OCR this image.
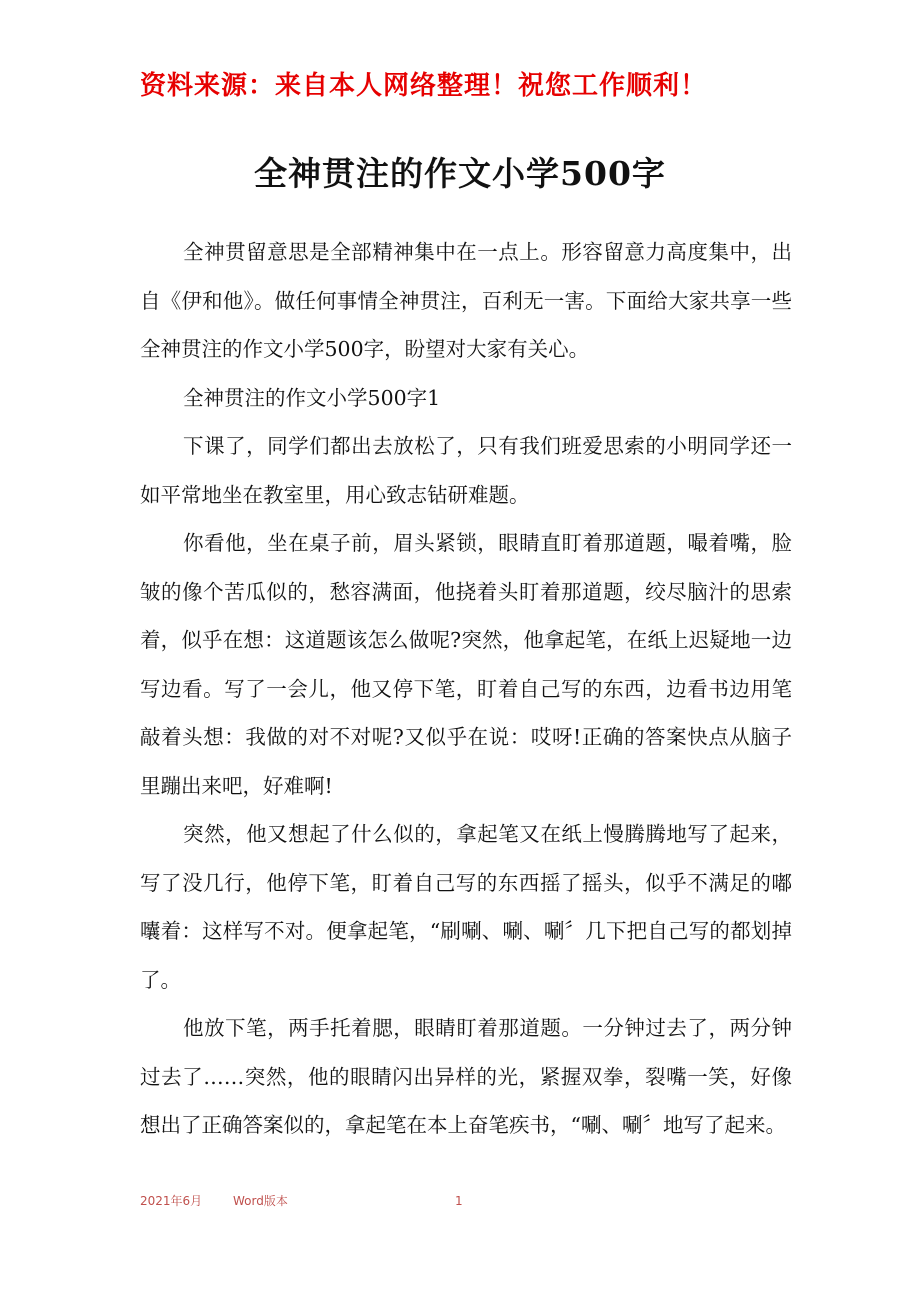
资料来源：来自本人网络整理！祝您工作顺利！
全神贯注的作文小学500字

全神贯留意思是全部精神集中在一点上。形容留意力高度集中，出自《伊和他》。做任何事情全神贯注，百利无一害。下面给大家共享一些全神贯注的作文小学500字，盼望对大家有关心。

全神贯注的作文小学500字1

下课了，同学们都出去放松了，只有我们班爱思索的小明同学还一如平常地坐在教室里，用心致志钻研难题。

你看他，坐在桌子前，眉头紧锁，眼睛直盯着那道题，嘬着嘴，脸皱的像个苦瓜似的，愁容满面，他挠着头盯着那道题，绞尽脑汁的思索着，似乎在想：这道题该怎么做呢?突然，他拿起笔，在纸上迟疑地一边写边看。写了一会儿，他又停下笔，盯着自己写的东西，边看书边用笔敲着头想：我做的对不对呢?又似乎在说：哎呀!正确的答案快点从脑子里蹦出来吧，好难啊!

突然，他又想起了什么似的，拿起笔又在纸上慢腾腾地写了起来，写了没几行，他停下笔，盯着自己写的东西摇了摇头，似乎不满足的嘟囔着：这样写不对。便拿起笔，“刷唰、唰、唰〞几下把自己写的都划掉了。

他放下笔，两手托着腮，眼睛盯着那道题。一分钟过去了，两分钟过去了……突然，他的眼睛闪出异样的光，紧握双拳，裂嘴一笑，好像想出了正确答案似的，拿起笔在本上奋笔疾书，“唰、唰〞地写了起来。

2021年6月	Word版本	1
